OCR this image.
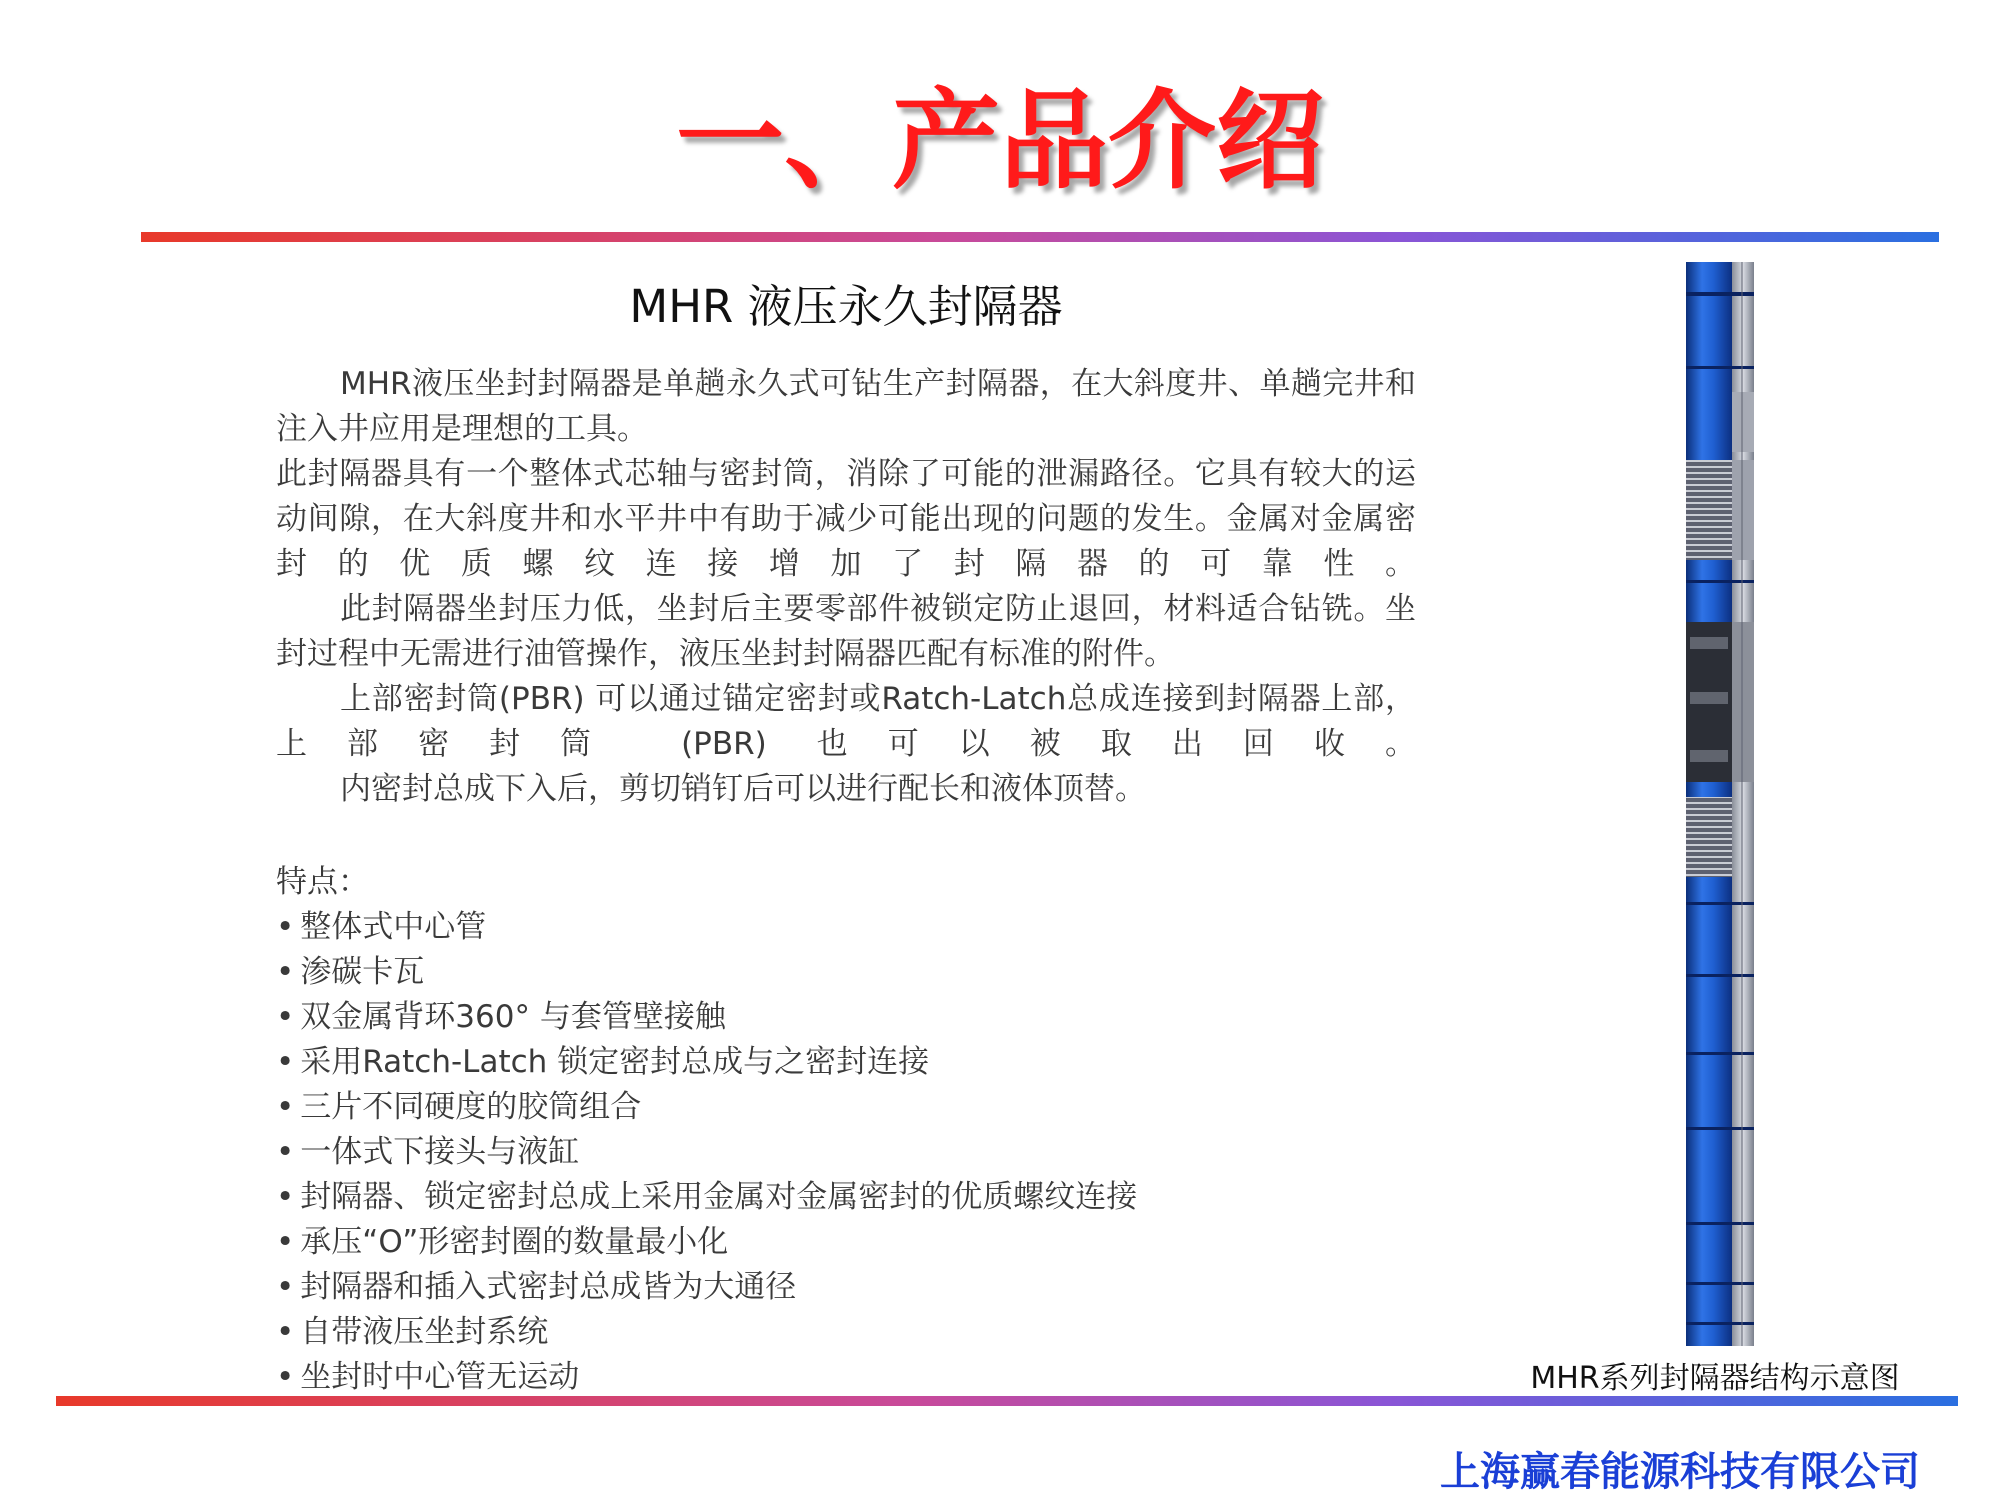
一、产品介绍
MHR 液压永久封隔器

MHR液压坐封封隔器是单趟永久式可钻生产封隔器，在大斜度井、单趟完井和注入井应用是理想的工具。

此封隔器具有一个整体式芯轴与密封筒，消除了可能的泄漏路径。它具有较大的运动间隙，在大斜度井和水平井中有助于减少可能出现的问题的发生。金属对金属密封的优质螺纹连接增加了封隔器的可靠性。

此封隔器坐封压力低，坐封后主要零部件被锁定防止退回，材料适合钻铣。坐封过程中无需进行油管操作，液压坐封封隔器匹配有标准的附件。

上部密封筒(PBR) 可以通过锚定密封或Ratch-Latch总成连接到封隔器上部， 上部密封筒 (PBR) 也可以被取出回收。

内密封总成下入后，剪切销钉后可以进行配长和液体顶替。

特点：
• 整体式中心管
• 渗碳卡瓦
• 双金属背环360° 与套管壁接触
• 采用Ratch-Latch 锁定密封总成与之密封连接
• 三片不同硬度的胶筒组合
• 一体式下接头与液缸
• 封隔器、锁定密封总成上采用金属对金属密封的优质螺纹连接
• 承压“O”形密封圈的数量最小化
• 封隔器和插入式密封总成皆为大通径
• 自带液压坐封系统
• 坐封时中心管无运动	MHR系列封隔器结构示意图
上海赢春能源科技有限公司
